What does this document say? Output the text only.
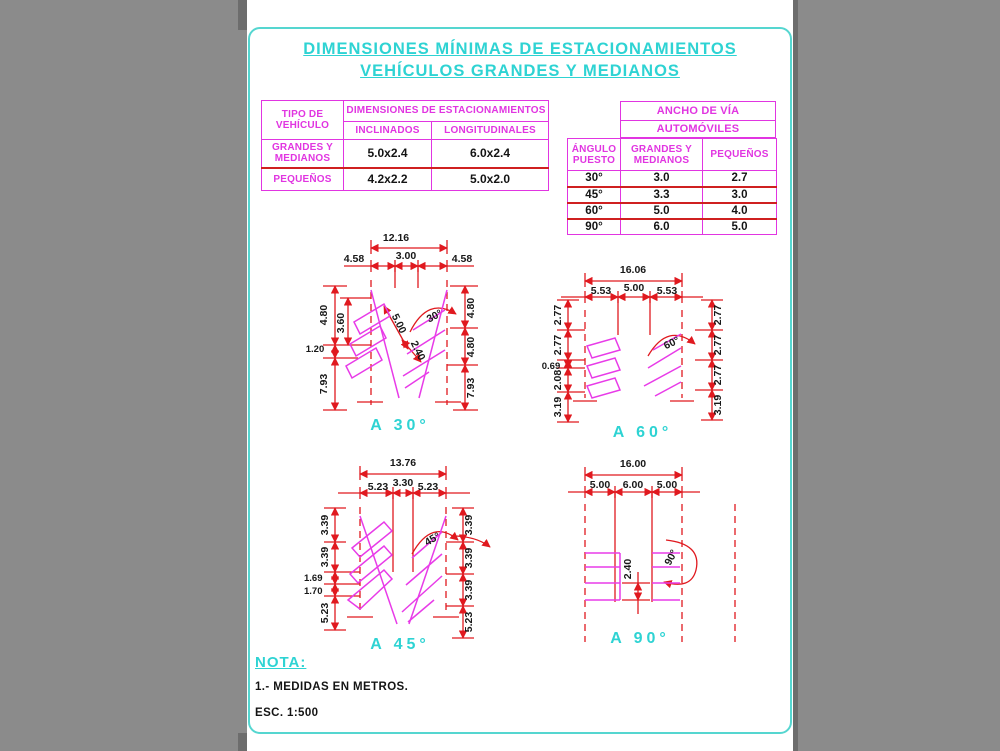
DIMENSIONES MÍNIMAS DE ESTACIONAMIENTOS
VEHÍCULOS GRANDES Y MEDIANOS
TIPO DE VEHÍCULO	DIMENSIONES DE ESTACIONAMIENTOS	
	INCLINADOS	LONGITUDINALES
GRANDES Y MEDIANOS	5.0x2.4	6.0x2.4
PEQUEÑOS	4.2x2.2	5.0x2.0
ANCHO DE VÍA
AUTOMÓVILES
ÁNGULO PUESTO	GRANDES Y MEDIANOS	PEQUEÑOS
30°	3.0	2.7
45°	3.3	3.0
60°	5.0	4.0
90°	6.0	5.0
12.16
4.58	3.00	4.58
4.80 3.60
1.20
7.93
4.80
4.80
7.93
5.00
2.40
30°
A 30°
16.06
5.53 5.00 5.53
2.77
2.77
0.69
2.08
3.19
2.77
2.77
2.77
3.19
60°
A 60°
13.76
5.23 3.30 5.23
3.39
3.39
1.69
1.70
5.23
3.39
3.39
3.39
5.23
45°
A 45°
16.00
5.00 6.00 5.00
2.40
90°
A 90°
NOTA:
1.- MEDIDAS EN METROS.
ESC. 1:500
